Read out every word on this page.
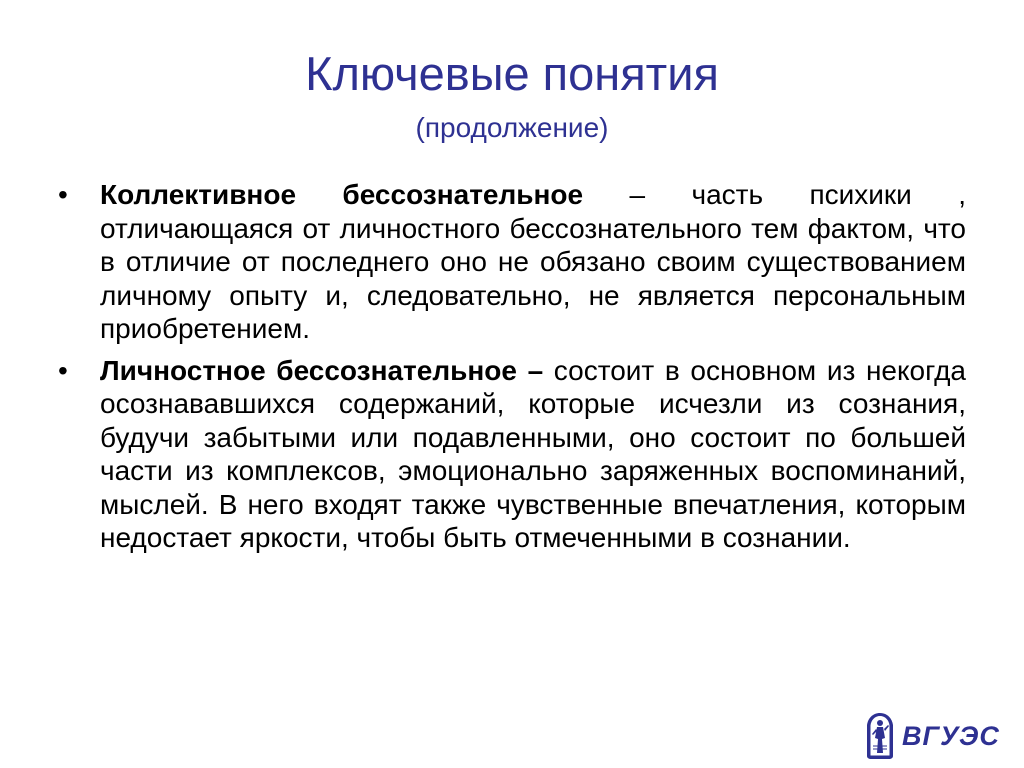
Ключевые понятия
(продолжение)
• Коллективное бессознательное – часть психики , отличающаяся от личностного бессознательного тем фактом, что в отличие от последнего оно не обязано своим существованием личному опыту и, следовательно, не является персональным приобретением.
• Личностное бессознательное – состоит в основном из некогда осознававшихся содержаний, которые исчезли из сознания, будучи забытыми или подавленными, оно состоит по большей части из комплексов, эмоционально заряженных воспоминаний, мыслей. В него входят также чувственные впечатления, которым недостает яркости, чтобы быть отмеченными в сознании.
ВГУЭС
